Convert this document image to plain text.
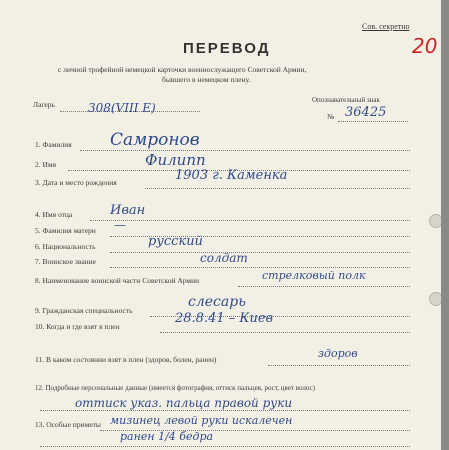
Сов. секретно
20
ПЕРЕВОД
с личной трофейной немецкой карточки военнослужащего Советской Армии,
бывшего в немецком плену.
Лагерь	308(VIII E)
Опознавательный знак
№ 36425
1. Фамилия Самронов
2. Имя	Филипп
3. Дата и место рождения	1903 г. Каменка
4. Имя отца	Иван
5. Фамилия матери —
6. Национальность	русский
7. Воинское звание	солдат
8. Наименование воинской части Советской Армии	стрелковый полк
9. Гражданская специальность
слесарь
10. Когда и где взят в плен
28.8.41 – Киев
11. В каком состоянии взят в плен (здоров, болен, ранен)	здоров
12. Подробные персональные данные (имеется фотография, оттиск пальцев, рост, цвет волос)
оттиск указ. пальца правой руки
13. Особые приметы мизинец левой руки искалечен
ранен 1/4 бедра
